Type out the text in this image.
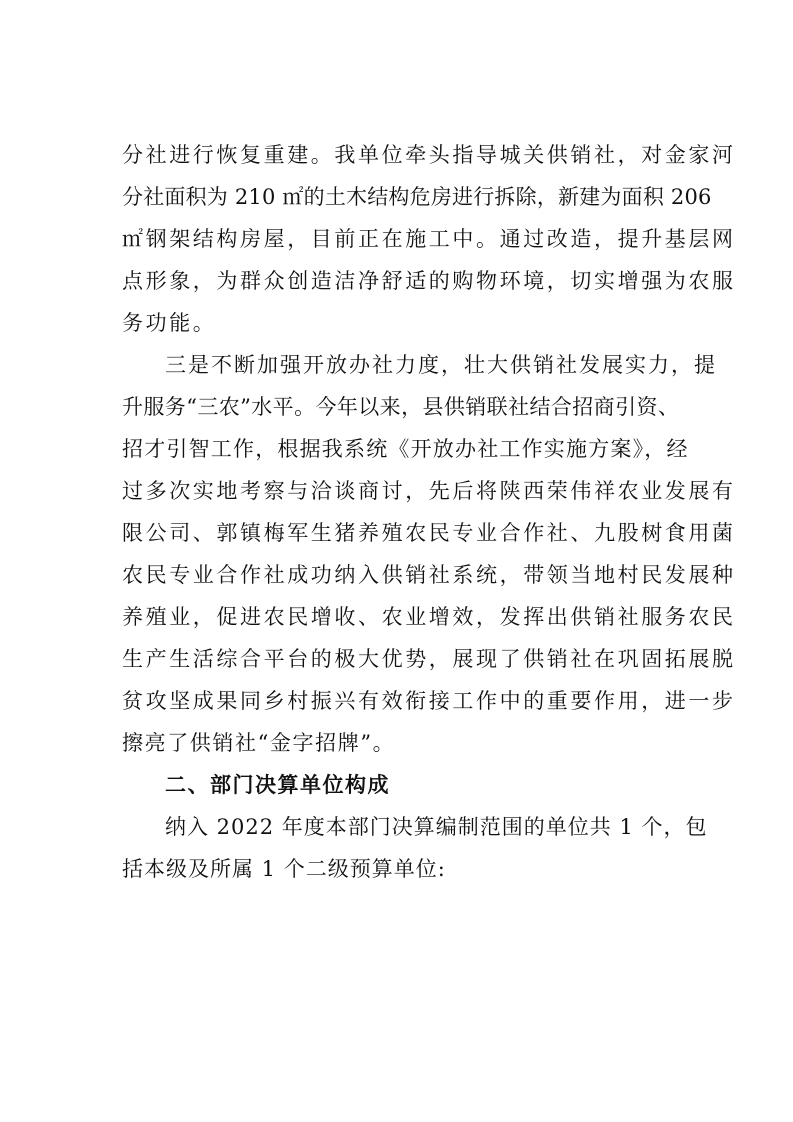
分社进行恢复重建。我单位牵头指导城关供销社，对金家河
分社面积为 210 ㎡的土木结构危房进行拆除，新建为面积 206
㎡钢架结构房屋，目前正在施工中。通过改造，提升基层网
点形象，为群众创造洁净舒适的购物环境，切实增强为农服
务功能。
三是不断加强开放办社力度，壮大供销社发展实力，提
升服务“三农”水平。今年以来，县供销联社结合招商引资、
招才引智工作，根据我系统《开放办社工作实施方案》，经
过多次实地考察与洽谈商讨，先后将陕西荣伟祥农业发展有
限公司、郭镇梅军生猪养殖农民专业合作社、九股树食用菌
农民专业合作社成功纳入供销社系统，带领当地村民发展种
养殖业，促进农民增收、农业增效，发挥出供销社服务农民
生产生活综合平台的极大优势，展现了供销社在巩固拓展脱
贫攻坚成果同乡村振兴有效衔接工作中的重要作用，进一步
擦亮了供销社“金字招牌”。
二、部门决算单位构成
纳入 2022 年度本部门决算编制范围的单位共 1 个，包
括本级及所属 1 个二级预算单位:
